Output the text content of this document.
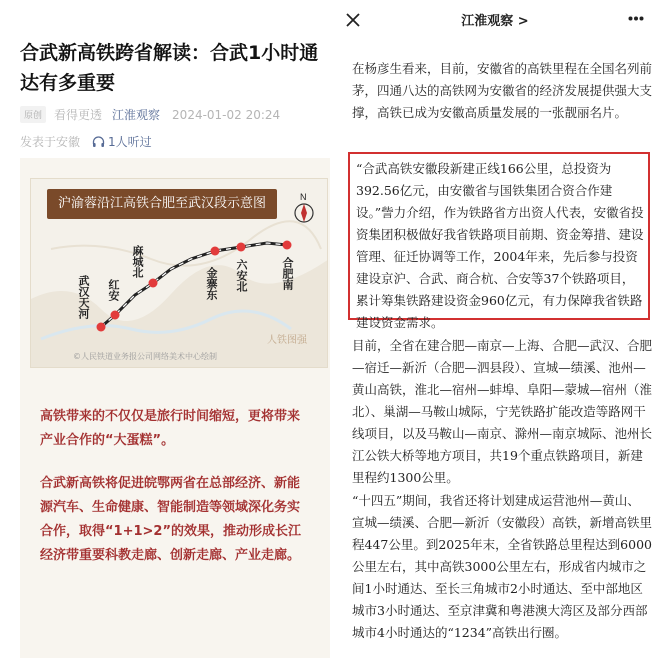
合武新高铁跨省解读：合武1小时通达有多重要
原创	看得更透 江淮观察 2024-01-02 20:24
发表于安徽 1人听过
沪渝蓉沿江高铁合肥至武汉段示意图	N
武汉天河 红安
麻城北
金寨东 六安北	合肥南
人铁图强
©人民铁道业务报公司网络美术中心绘制
高铁带来的不仅仅是旅行时间缩短，更将带来产业合作的“大蛋糕”。
合武新高铁将促进皖鄂两省在总部经济、新能源汽车、生命健康、智能制造等领域深化务实合作，取得“1+1>2”的效果，推动形成长江经济带重要科教走廊、创新走廊、产业走廊。
江淮观察 >
在杨彦生看来，目前，安徽省的高铁里程在全国名列前茅，四通八达的高铁网为安徽省的经济发展提供强大支撑，高铁已成为安徽高质量发展的一张靓丽名片。
“合武高铁安徽段新建正线166公里，总投资为392.56亿元，由安徽省与国铁集团合资合作建设。”訾力介绍，作为铁路省方出资人代表，安徽省投资集团积极做好我省铁路项目前期、资金筹措、建设管理、征迁协调等工作，2004年来，先后参与投资建设京沪、合武、商合杭、合安等37个铁路项目，累计筹集铁路建设资金960亿元，有力保障我省铁路建设资金需求。
目前，全省在建合肥—南京—上海、合肥—武汉、合肥—宿迁—新沂（合肥—泗县段）、宣城—绩溪、池州—黄山高铁，淮北—宿州—蚌埠、阜阳—蒙城—宿州（淮北）、巢湖—马鞍山城际，宁芜铁路扩能改造等路网干线项目，以及马鞍山—南京、滁州—南京城际、池州长江公铁大桥等地方项目，共19个重点铁路项目，新建里程约1300公里。
“十四五”期间，我省还将计划建成运营池州—黄山、宣城—绩溪、合肥—新沂（安徽段）高铁，新增高铁里程447公里。到2025年末，全省铁路总里程达到6000公里左右，其中高铁3000公里左右，形成省内城市之间1小时通达、至长三角城市2小时通达、至中部地区城市3小时通达、至京津冀和粤港澳大湾区及部分西部城市4小时通达的“1234”高铁出行圈。
